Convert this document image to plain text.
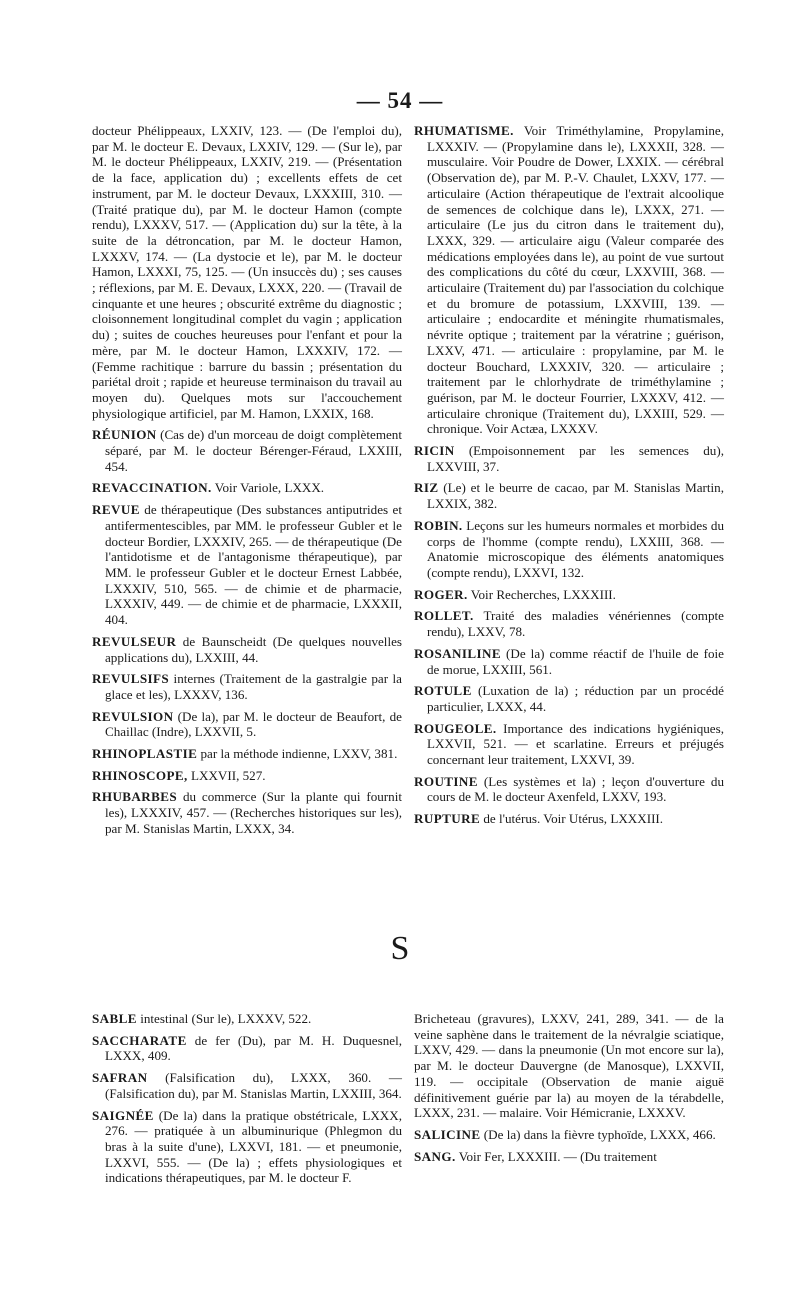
— 54 —

docteur Phélippeaux, LXXIV, 123. — (De l'emploi du), par M. le docteur E. Devaux, LXXIV, 129. — (Sur le), par M. le docteur Phélippeaux, LXXIV, 219. — (Présentation de la face, application du) ; excellents effets de cet instrument, par M. le docteur Devaux, LXXXIII, 310. — (Traité pratique du), par M. le docteur Hamon (compte rendu), LXXXV, 517. — (Application du) sur la tête, à la suite de la détroncation, par M. le docteur Hamon, LXXXV, 174. — (La dystocie et le), par M. le docteur Hamon, LXXXI, 75, 125. — (Un insuccès du) ; ses causes ; réflexions, par M. E. Devaux, LXXX, 220. — (Travail de cinquante et une heures ; obscurité extrême du diagnostic ; cloisonnement longitudinal complet du vagin ; application du) ; suites de couches heureuses pour l'enfant et pour la mère, par M. le docteur Hamon, LXXXIV, 172. — (Femme rachitique : barrure du bassin ; présentation du pariétal droit ; rapide et heureuse terminaison du travail au moyen du). Quelques mots sur l'accouchement physiologique artificiel, par M. Hamon, LXXIX, 168.

RÉUNION (Cas de) d'un morceau de doigt complètement séparé, par M. le docteur Bérenger-Féraud, LXXIII, 454.

REVACCINATION. Voir Variole, LXXX.

REVUE de thérapeutique (Des substances antiputrides et antifermentescibles, par MM. le professeur Gubler et le docteur Bordier, LXXXIV, 265. — de thérapeutique (De l'antidotisme et de l'antagonisme thérapeutique), par MM. le professeur Gubler et le docteur Ernest Labbée, LXXXIV, 510, 565. — de chimie et de pharmacie, LXXXIV, 449. — de chimie et de pharmacie, LXXXII, 404.

REVULSEUR de Baunscheidt (De quelques nouvelles applications du), LXXIII, 44.

REVULSIFS internes (Traitement de la gastralgie par la glace et les), LXXXV, 136.

REVULSION (De la), par M. le docteur de Beaufort, de Chaillac (Indre), LXXVII, 5.

RHINOPLASTIE par la méthode indienne, LXXV, 381.

RHINOSCOPE, LXXVII, 527.

RHUBARBES du commerce (Sur la plante qui fournit les), LXXXIV, 457. — (Recherches historiques sur les), par M. Stanislas Martin, LXXX, 34.

RHUMATISME. Voir Triméthylamine, Propylamine, LXXXIV. — (Propylamine dans le), LXXXII, 328. — musculaire. Voir Poudre de Dower, LXXIX. — cérébral (Observation de), par M. P.-V. Chaulet, LXXV, 177. — articulaire (Action thérapeutique de l'extrait alcoolique de semences de colchique dans le), LXXX, 271. — articulaire (Le jus du citron dans le traitement du), LXXX, 329. — articulaire aigu (Valeur comparée des médications employées dans le), au point de vue surtout des complications du côté du cœur, LXXVIII, 368. — articulaire (Traitement du) par l'association du colchique et du bromure de potassium, LXXVIII, 139. — articulaire ; endocardite et méningite rhumatismales, névrite optique ; traitement par la vératrine ; guérison, LXXV, 471. — articulaire : propylamine, par M. le docteur Bouchard, LXXXIV, 320. — articulaire ; traitement par le chlorhydrate de triméthylamine ; guérison, par M. le docteur Fourrier, LXXXV, 412. — articulaire chronique (Traitement du), LXXIII, 529. — chronique. Voir Actæa, LXXXV.

RICIN (Empoisonnement par les semences du), LXXVIII, 37.

RIZ (Le) et le beurre de cacao, par M. Stanislas Martin, LXXIX, 382.

ROBIN. Leçons sur les humeurs normales et morbides du corps de l'homme (compte rendu), LXXIII, 368. — Anatomie microscopique des éléments anatomiques (compte rendu), LXXVI, 132.

ROGER. Voir Recherches, LXXXIII.

ROLLET. Traité des maladies vénériennes (compte rendu), LXXV, 78.

ROSANILINE (De la) comme réactif de l'huile de foie de morue, LXXIII, 561.

ROTULE (Luxation de la) ; réduction par un procédé particulier, LXXX, 44.

ROUGEOLE. Importance des indications hygiéniques, LXXVII, 521. — et scarlatine. Erreurs et préjugés concernant leur traitement, LXXVI, 39.

ROUTINE (Les systèmes et la) ; leçon d'ouverture du cours de M. le docteur Axenfeld, LXXV, 193.

RUPTURE de l'utérus. Voir Utérus, LXXXIII.

S

SABLE intestinal (Sur le), LXXXV, 522.

SACCHARATE de fer (Du), par M. H. Duquesnel, LXXX, 409.

SAFRAN (Falsification du), LXXX, 360. — (Falsification du), par M. Stanislas Martin, LXXIII, 364.

SAIGNÉE (De la) dans la pratique obstétricale, LXXX, 276. — pratiquée à un albuminurique (Phlegmon du bras à la suite d'une), LXXVI, 181. — et pneumonie, LXXVI, 555. — (De la) ; effets physiologiques et indications thérapeutiques, par M. le docteur F.

Bricheteau (gravures), LXXV, 241, 289, 341. — de la veine saphène dans le traitement de la névralgie sciatique, LXXV, 429. — dans la pneumonie (Un mot encore sur la), par M. le docteur Dauvergne (de Manosque), LXXVII, 119. — occipitale (Observation de manie aiguë définitivement guérie par la) au moyen de la térabdelle, LXXX, 231. — malaire. Voir Hémicranie, LXXXV.

SALICINE (De la) dans la fièvre typhoïde, LXXX, 466.

SANG. Voir Fer, LXXXIII. — (Du traitement
